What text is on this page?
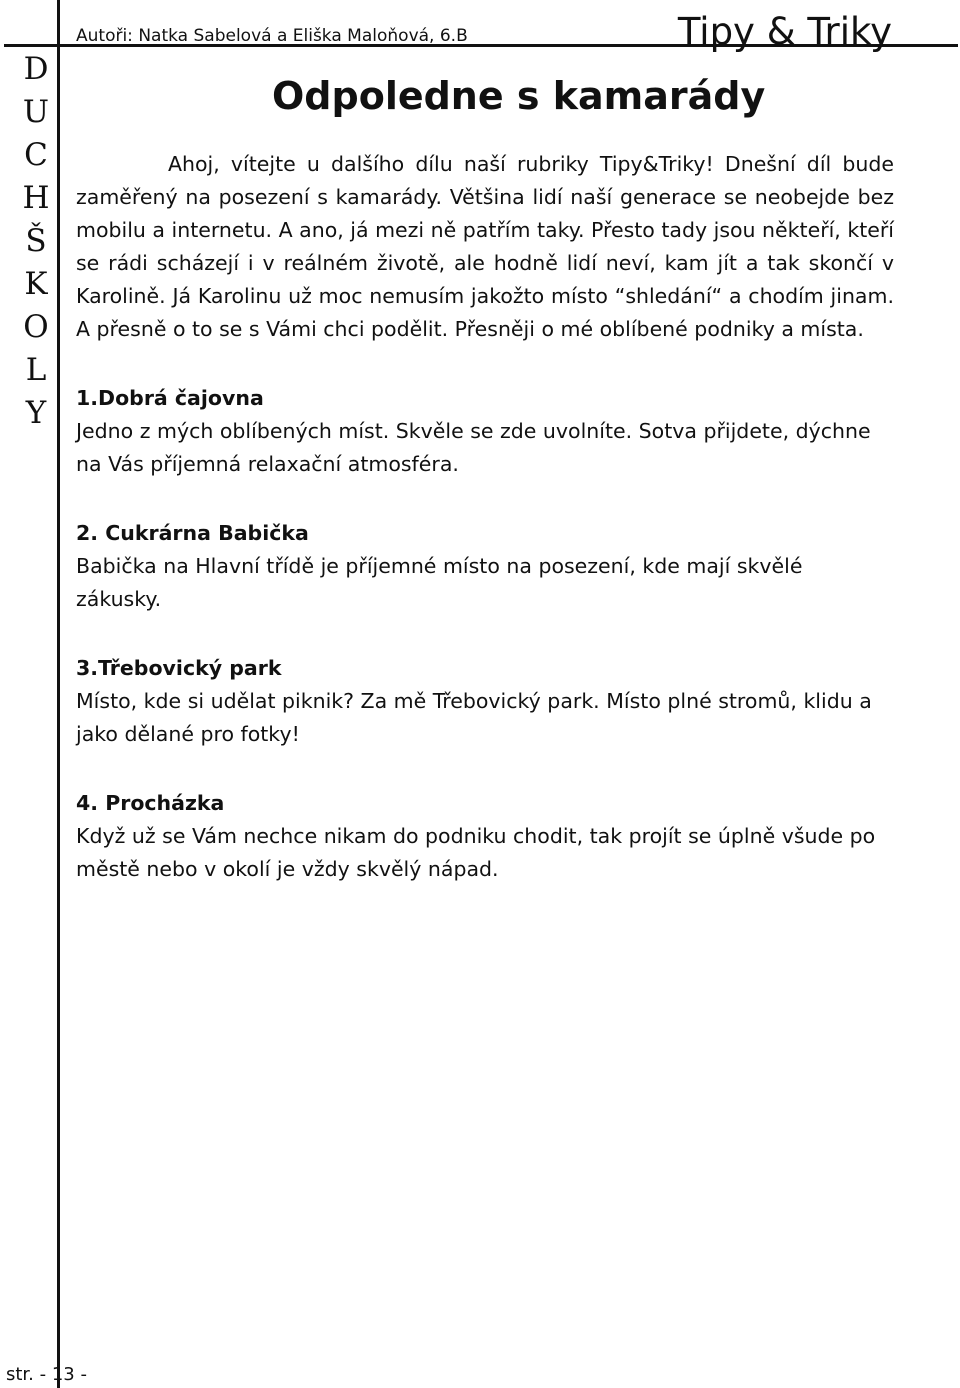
D
U
C
H
Š
K
O
L
Y
Autoři: Natka Sabelová a Eliška Maloňová, 6.B	Tipy & Triky
Odpoledne s kamarády

Ahoj, vítejte u dalšího dílu naší rubriky Tipy&Triky! Dnešní díl bude zaměřený na posezení s kamarády. Většina lidí naší generace se neobejde bez mobilu a internetu. A ano, já mezi ně patřím taky. Přesto tady jsou někteří, kteří se rádi scházejí i v reálném životě, ale hodně lidí neví, kam jít a tak skončí v Karolině. Já Karolinu už moc nemusím jakožto místo “shledání“ a chodím jinam. A přesně o to se s Vámi chci podělit. Přesněji o mé oblíbené podniky a místa.

1.Dobrá čajovna

Jedno z mých oblíbených míst. Skvěle se zde uvolníte. Sotva přijdete, dýchne na Vás příjemná relaxační atmosféra.

2. Cukrárna Babička

Babička na Hlavní třídě je příjemné místo na posezení, kde mají skvělé zákusky.

3.Třebovický park

Místo, kde si udělat piknik? Za mě Třebovický park. Místo plné stromů, klidu a jako dělané pro fotky!

4. Procházka

Když už se Vám nechce nikam do podniku chodit, tak projít se úplně všude po městě nebo v okolí je vždy skvělý nápad.

str. - 13 -
